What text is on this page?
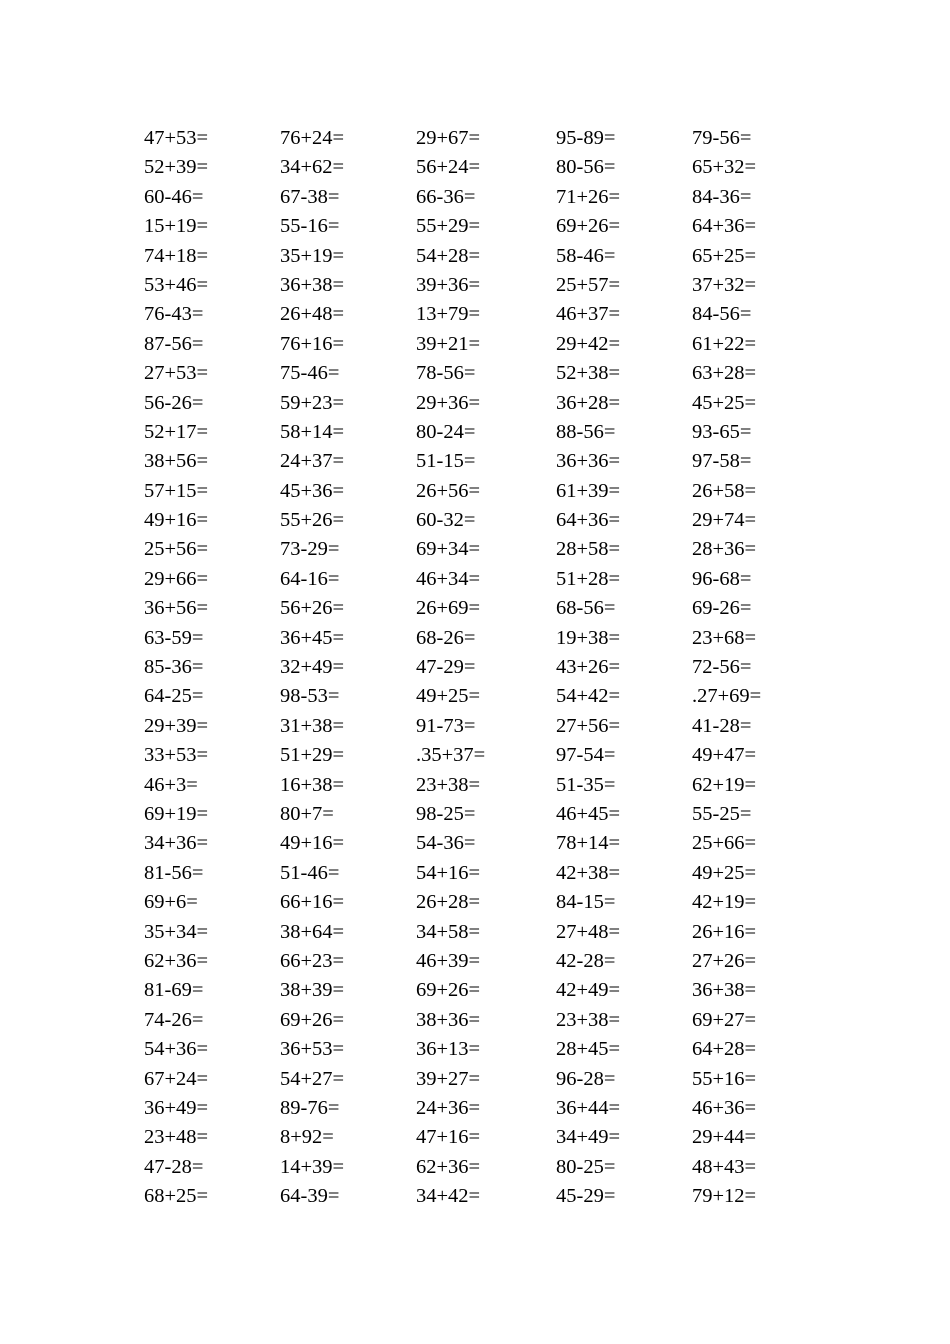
47+53=	76+24=	29+67=	95-89=	79-56=
52+39=	34+62=	56+24=	80-56=	65+32=
60-46=	67-38=	66-36=	71+26=	84-36=
15+19=	55-16=	55+29=	69+26=	64+36=
74+18=	35+19=	54+28=	58-46=	65+25=
53+46=	36+38=	39+36=	25+57=	37+32=
76-43=	26+48=	13+79=	46+37=	84-56=
87-56=	76+16=	39+21=	29+42=	61+22=
27+53=	75-46=	78-56=	52+38=	63+28=
56-26=	59+23=	29+36=	36+28=	45+25=
52+17=	58+14=	80-24=	88-56=	93-65=
38+56=	24+37=	51-15=	36+36=	97-58=
57+15=	45+36=	26+56=	61+39=	26+58=
49+16=	55+26=	60-32=	64+36=	29+74=
25+56=	73-29=	69+34=	28+58=	28+36=
29+66=	64-16=	46+34=	51+28=	96-68=
36+56=	56+26=	26+69=	68-56=	69-26=
63-59=	36+45=	68-26=	19+38=	23+68=
85-36=	32+49=	47-29=	43+26=	72-56=
64-25=	98-53=	49+25=	54+42=	.27+69=
29+39=	31+38=	91-73=	27+56=	41-28=
33+53=	51+29=	.35+37=	97-54=	49+47=
46+3=	16+38=	23+38=	51-35=	62+19=
69+19=	80+7=	98-25=	46+45=	55-25=
34+36=	49+16=	54-36=	78+14=	25+66=
81-56=	51-46=	54+16=	42+38=	49+25=
69+6=	66+16=	26+28=	84-15=	42+19=
35+34=	38+64=	34+58=	27+48=	26+16=
62+36=	66+23=	46+39=	42-28=	27+26=
81-69=	38+39=	69+26=	42+49=	36+38=
74-26=	69+26=	38+36=	23+38=	69+27=
54+36=	36+53=	36+13=	28+45=	64+28=
67+24=	54+27=	39+27=	96-28=	55+16=
36+49=	89-76=	24+36=	36+44=	46+36=
23+48=	8+92=	47+16=	34+49=	29+44=
47-28=	14+39=	62+36=	80-25=	48+43=
68+25=	64-39=	34+42=	45-29=	79+12=
